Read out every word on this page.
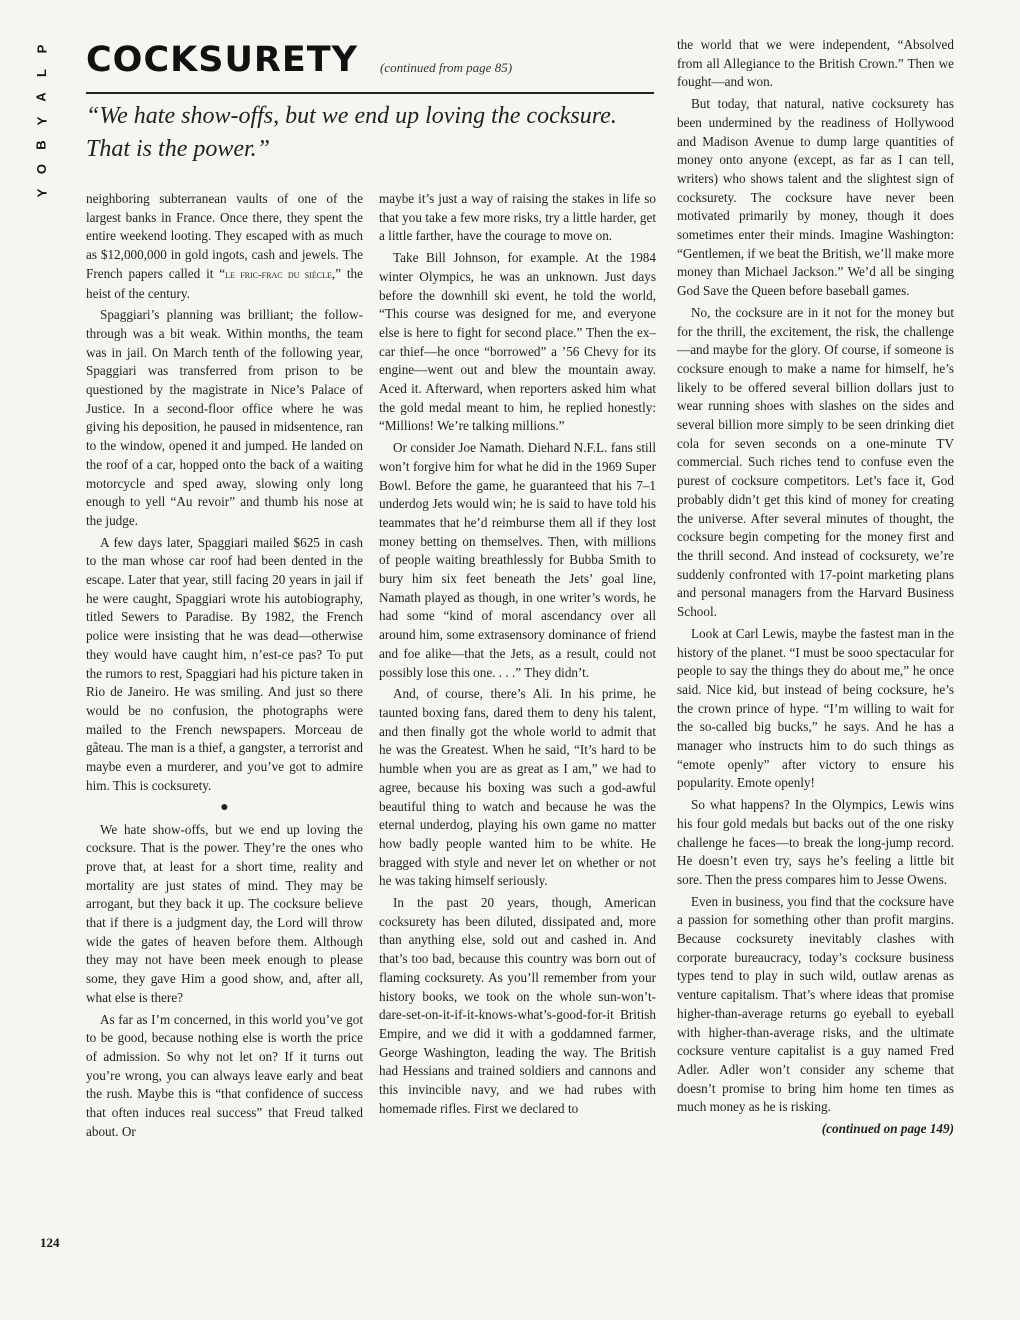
P
L
A
Y
B
O
Y
COCKSURETY (continued from page 85)
“We hate show-offs, but we end up loving the cocksure. That is the power.”

neighboring subterranean vaults of one of the largest banks in France. Once there, they spent the entire weekend looting. They escaped with as much as $12,000,000 in gold ingots, cash and jewels. The French papers called it “le fric-frac du siècle,” the heist of the century.

Spaggiari’s planning was brilliant; the follow-through was a bit weak. Within months, the team was in jail. On March tenth of the following year, Spaggiari was transferred from prison to be questioned by the magistrate in Nice’s Palace of Justice. In a second-floor office where he was giving his deposition, he paused in midsentence, ran to the window, opened it and jumped. He landed on the roof of a car, hopped onto the back of a waiting motorcycle and sped away, slowing only long enough to yell “Au revoir” and thumb his nose at the judge.

A few days later, Spaggiari mailed $625 in cash to the man whose car roof had been dented in the escape. Later that year, still facing 20 years in jail if he were caught, Spaggiari wrote his autobiography, titled Sewers to Paradise. By 1982, the French police were insisting that he was dead—otherwise they would have caught him, n’est-ce pas? To put the rumors to rest, Spaggiari had his picture taken in Rio de Janeiro. He was smiling. And just so there would be no confusion, the photographs were mailed to the French newspapers. Morceau de gâteau. The man is a thief, a gangster, a terrorist and maybe even a murderer, and you’ve got to admire him. This is cocksurety.

●

We hate show-offs, but we end up loving the cocksure. That is the power. They’re the ones who prove that, at least for a short time, reality and mortality are just states of mind. They may be arrogant, but they back it up. The cocksure believe that if there is a judgment day, the Lord will throw wide the gates of heaven before them. Although they may not have been meek enough to please some, they gave Him a good show, and, after all, what else is there?

As far as I’m concerned, in this world you’ve got to be good, because nothing else is worth the price of admission. So why not let on? If it turns out you’re wrong, you can always leave early and beat the rush. Maybe this is “that confidence of success that often induces real success” that Freud talked about. Or

maybe it’s just a way of raising the stakes in life so that you take a few more risks, try a little harder, get a little farther, have the courage to move on.

Take Bill Johnson, for example. At the 1984 winter Olympics, he was an unknown. Just days before the downhill ski event, he told the world, “This course was designed for me, and everyone else is here to fight for second place.” Then the ex–car thief—he once “borrowed” a ’56 Chevy for its engine—went out and blew the mountain away. Aced it. Afterward, when reporters asked him what the gold medal meant to him, he replied honestly: “Millions! We’re talking millions.”

Or consider Joe Namath. Diehard N.F.L. fans still won’t forgive him for what he did in the 1969 Super Bowl. Before the game, he guaranteed that his 7–1 underdog Jets would win; he is said to have told his teammates that he’d reimburse them all if they lost money betting on themselves. Then, with millions of people waiting breathlessly for Bubba Smith to bury him six feet beneath the Jets’ goal line, Namath played as though, in one writer’s words, he had some “kind of moral ascendancy over all around him, some extrasensory dominance of friend and foe alike—that the Jets, as a result, could not possibly lose this one. . . .” They didn’t.

And, of course, there’s Ali. In his prime, he taunted boxing fans, dared them to deny his talent, and then finally got the whole world to admit that he was the Greatest. When he said, “It’s hard to be humble when you are as great as I am,” we had to agree, because his boxing was such a god-awful beautiful thing to watch and because he was the eternal underdog, playing his own game no matter how badly people wanted him to be white. He bragged with style and never let on whether or not he was taking himself seriously.

In the past 20 years, though, American cocksurety has been diluted, dissipated and, more than anything else, sold out and cashed in. And that’s too bad, because this country was born out of flaming cocksurety. As you’ll remember from your history books, we took on the whole sun-won’t-dare-set-on-it-if-it-knows-what’s-good-for-it British Empire, and we did it with a goddamned farmer, George Washington, leading the way. The British had Hessians and trained soldiers and cannons and this invincible navy, and we had rubes with homemade rifles. First we declared to

the world that we were independent, “Absolved from all Allegiance to the British Crown.” Then we fought—and won.

But today, that natural, native cocksurety has been undermined by the readiness of Hollywood and Madison Avenue to dump large quantities of money onto anyone (except, as far as I can tell, writers) who shows talent and the slightest sign of cocksurety. The cocksure have never been motivated primarily by money, though it does sometimes enter their minds. Imagine Washington: “Gentlemen, if we beat the British, we’ll make more money than Michael Jackson.” We’d all be singing God Save the Queen before baseball games.

No, the cocksure are in it not for the money but for the thrill, the excitement, the risk, the challenge—and maybe for the glory. Of course, if someone is cocksure enough to make a name for himself, he’s likely to be offered several billion dollars just to wear running shoes with slashes on the sides and several billion more simply to be seen drinking diet cola for seven seconds on a one-minute TV commercial. Such riches tend to confuse even the purest of cocksure competitors. Let’s face it, God probably didn’t get this kind of money for creating the universe. After several minutes of thought, the cocksure begin competing for the money first and the thrill second. And instead of cocksurety, we’re suddenly confronted with 17-point marketing plans and personal managers from the Harvard Business School.

Look at Carl Lewis, maybe the fastest man in the history of the planet. “I must be sooo spectacular for people to say the things they do about me,” he once said. Nice kid, but instead of being cocksure, he’s the crown prince of hype. “I’m willing to wait for the so-called big bucks,” he says. And he has a manager who instructs him to do such things as “emote openly” after victory to ensure his popularity. Emote openly!

So what happens? In the Olympics, Lewis wins his four gold medals but backs out of the one risky challenge he faces—to break the long-jump record. He doesn’t even try, says he’s feeling a little bit sore. Then the press compares him to Jesse Owens.

Even in business, you find that the cocksure have a passion for something other than profit margins. Because cocksurety inevitably clashes with corporate bureaucracy, today’s cocksure business types tend to play in such wild, outlaw arenas as venture capitalism. That’s where ideas that promise higher-than-average returns go eyeball to eyeball with higher-than-average risks, and the ultimate cocksure venture capitalist is a guy named Fred Adler. Adler won’t consider any scheme that doesn’t promise to bring him home ten times as much money as he is risking.

(continued on page 149)
124
